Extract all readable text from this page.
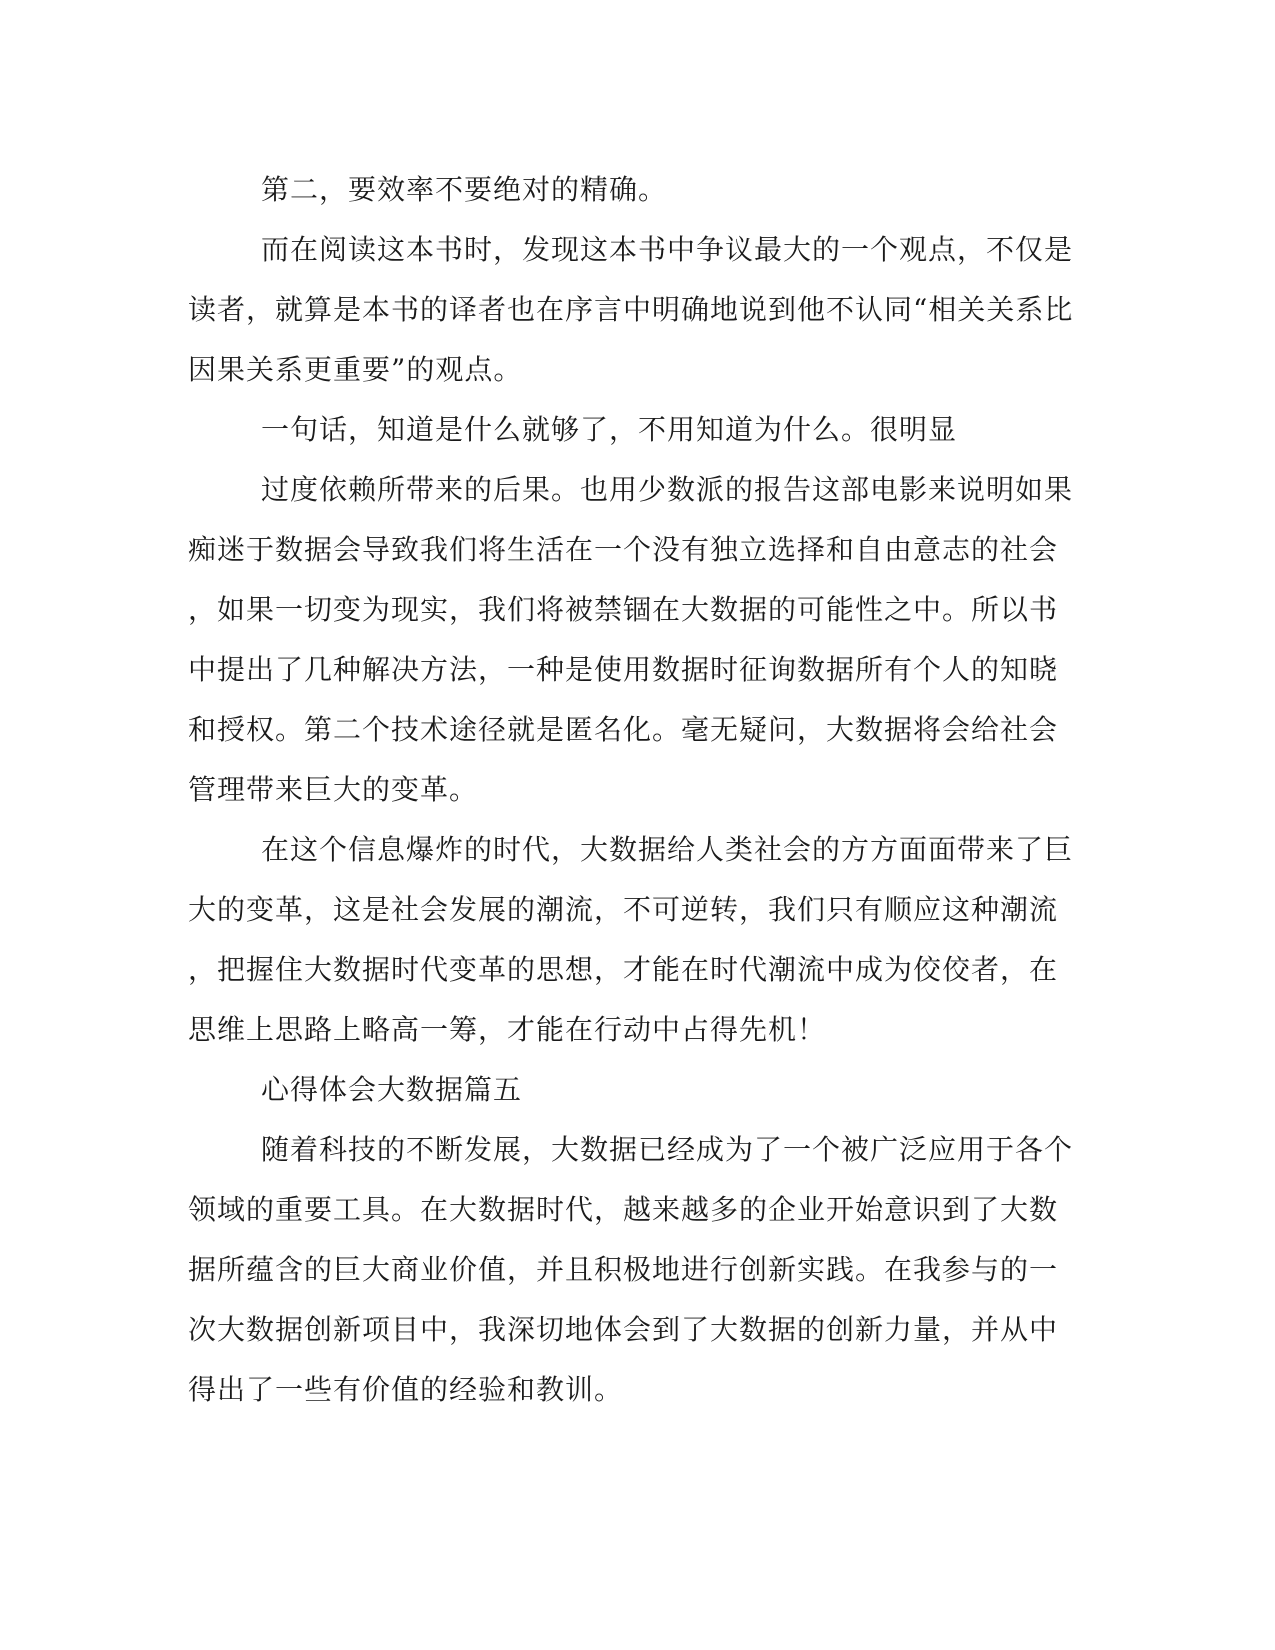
第二，要效率不要绝对的精确。
而在阅读这本书时，发现这本书中争议最大的一个观点，不仅是
读者，就算是本书的译者也在序言中明确地说到他不认同“相关关系比
因果关系更重要”的观点。
一句话，知道是什么就够了，不用知道为什么。很明显
过度依赖所带来的后果。也用少数派的报告这部电影来说明如果
痴迷于数据会导致我们将生活在一个没有独立选择和自由意志的社会
，如果一切变为现实，我们将被禁锢在大数据的可能性之中。所以书
中提出了几种解决方法，一种是使用数据时征询数据所有个人的知晓
和授权。第二个技术途径就是匿名化。毫无疑问，大数据将会给社会
管理带来巨大的变革。
在这个信息爆炸的时代，大数据给人类社会的方方面面带来了巨
大的变革，这是社会发展的潮流，不可逆转，我们只有顺应这种潮流
，把握住大数据时代变革的思想，才能在时代潮流中成为佼佼者，在
思维上思路上略高一筹，才能在行动中占得先机！
心得体会大数据篇五
随着科技的不断发展，大数据已经成为了一个被广泛应用于各个
领域的重要工具。在大数据时代，越来越多的企业开始意识到了大数
据所蕴含的巨大商业价值，并且积极地进行创新实践。在我参与的一
次大数据创新项目中，我深切地体会到了大数据的创新力量，并从中
得出了一些有价值的经验和教训。
